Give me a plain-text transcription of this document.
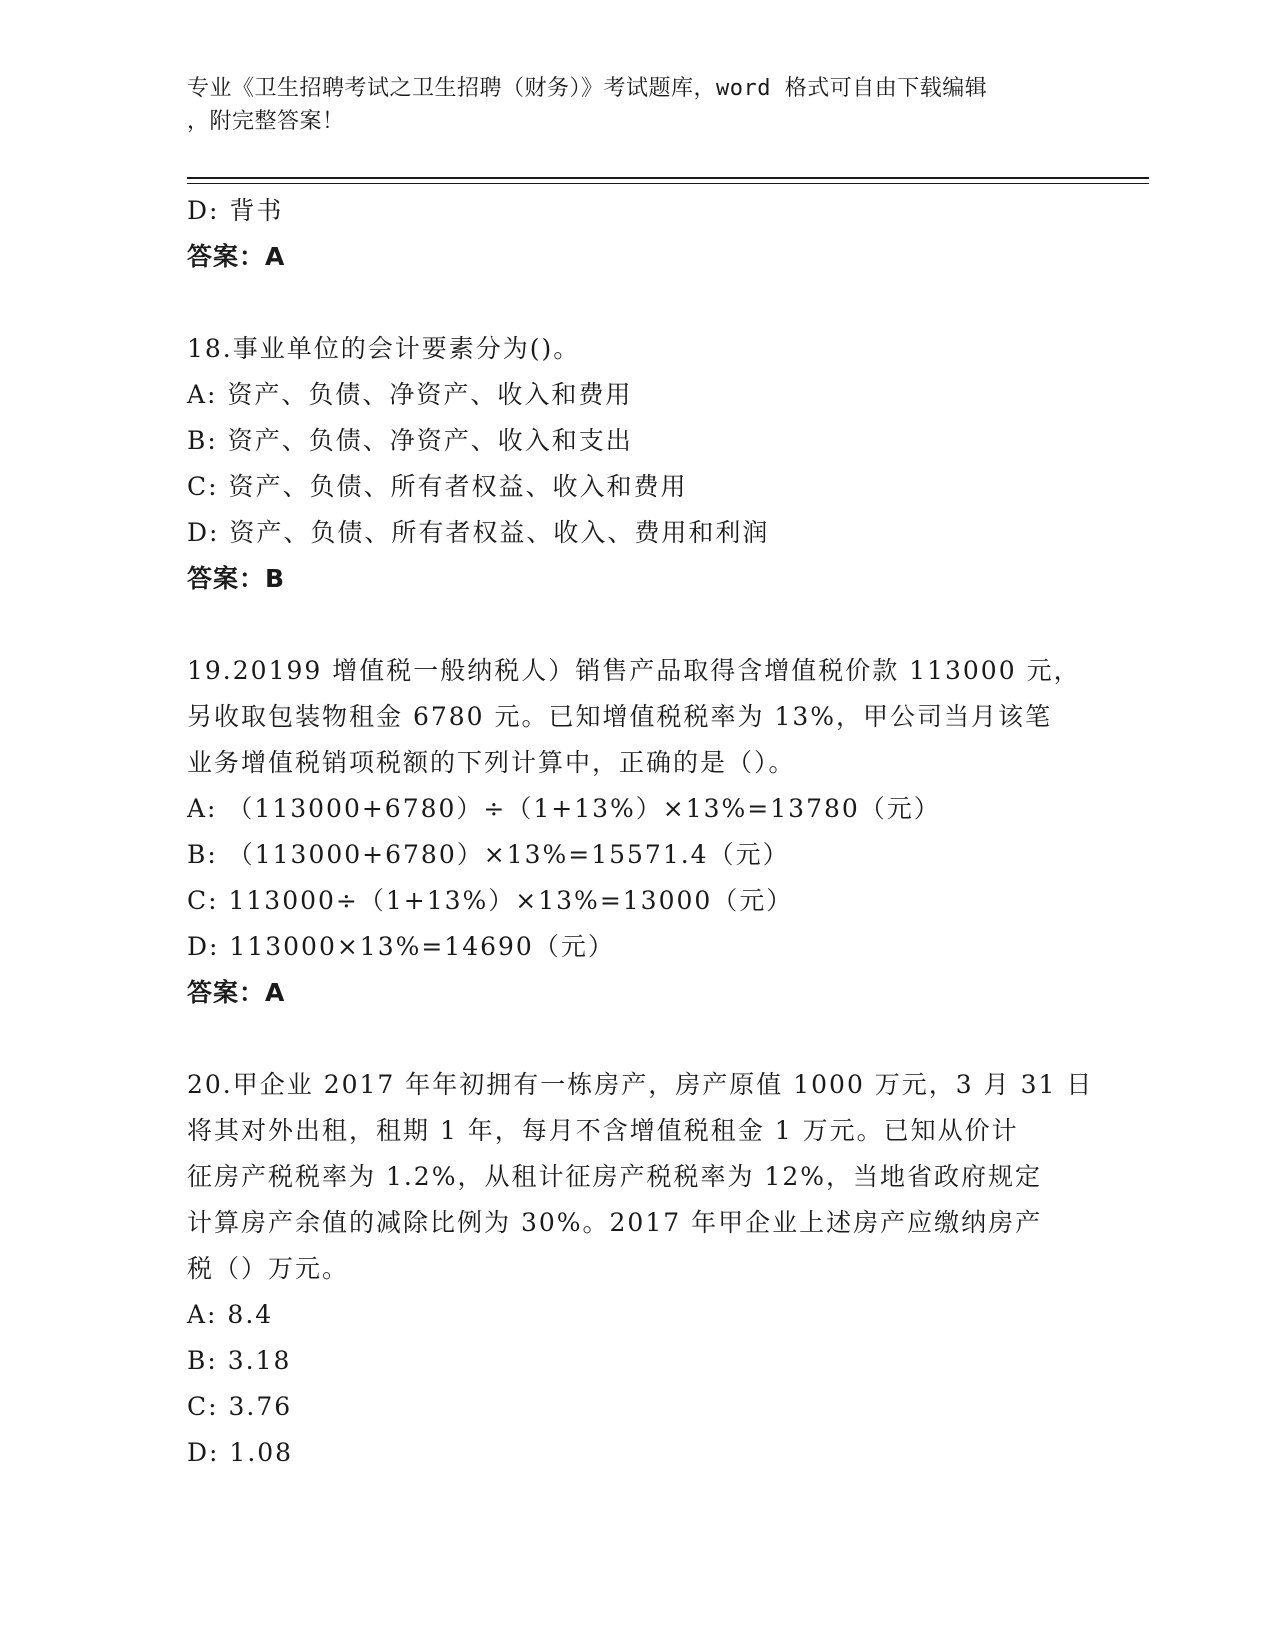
专业《卫生招聘考试之卫生招聘（财务）》考试题库，word 格式可自由下载编辑
，附完整答案！
D: 背书
答案：A
18.事业单位的会计要素分为()。
A: 资产、负债、净资产、收入和费用
B: 资产、负债、净资产、收入和支出
C: 资产、负债、所有者权益、收入和费用
D: 资产、负债、所有者权益、收入、费用和利润
答案：B
19.20199 增值税一般纳税人）销售产品取得含增值税价款 113000 元，
另收取包装物租金 6780 元。已知增值税税率为 13%，甲公司当月该笔
业务增值税销项税额的下列计算中，正确的是（）。
A: （113000+6780）÷（1+13%）×13%=13780（元）
B: （113000+6780）×13%=15571.4（元）
C: 113000÷（1+13%）×13%=13000（元）
D: 113000×13%=14690（元）
答案：A
20.甲企业 2017 年年初拥有一栋房产，房产原值 1000 万元，3 月 31 日
将其对外出租，租期 1 年，每月不含增值税租金 1 万元。已知从价计
征房产税税率为 1.2%，从租计征房产税税率为 12%，当地省政府规定
计算房产余值的减除比例为 30%。2017 年甲企业上述房产应缴纳房产
税（）万元。
A: 8.4
B: 3.18
C: 3.76
D: 1.08
